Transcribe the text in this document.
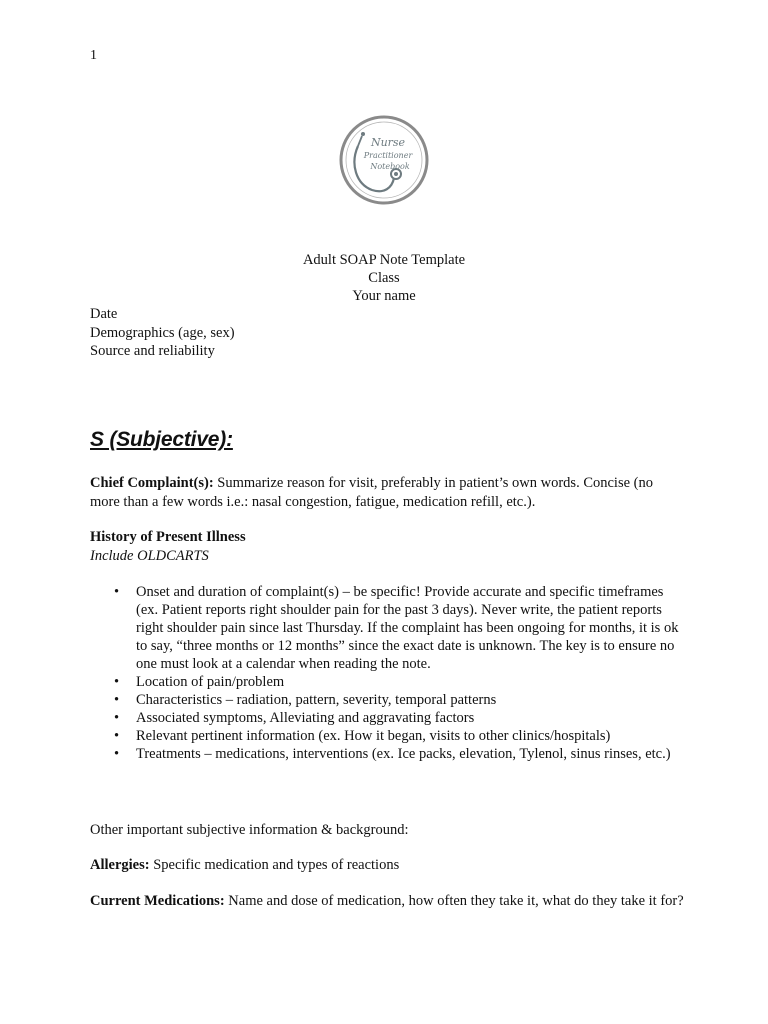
1
Nurse
Practitioner
Notebook
Adult SOAP Note Template
Class
Your name
Date
Demographics (age, sex)
Source and reliability
S (Subjective):
Chief Complaint(s): Summarize reason for visit, preferably in patient’s own words. Concise (no more than a few words i.e.: nasal congestion, fatigue, medication refill, etc.).
History of Present Illness
Include OLDCARTS
• Onset and duration of complaint(s) – be specific! Provide accurate and specific timeframes (ex. Patient reports right shoulder pain for the past 3 days). Never write, the patient reports right shoulder pain since last Thursday. If the complaint has been ongoing for months, it is ok to say, “three months or 12 months” since the exact date is unknown. The key is to ensure no one must look at a calendar when reading the note.
• Location of pain/problem
• Characteristics – radiation, pattern, severity, temporal patterns
• Associated symptoms, Alleviating and aggravating factors
• Relevant pertinent information (ex. How it began, visits to other clinics/hospitals)
• Treatments – medications, interventions (ex. Ice packs, elevation, Tylenol, sinus rinses, etc.)
Other important subjective information & background:
Allergies: Specific medication and types of reactions
Current Medications: Name and dose of medication, how often they take it, what do they take it for?
